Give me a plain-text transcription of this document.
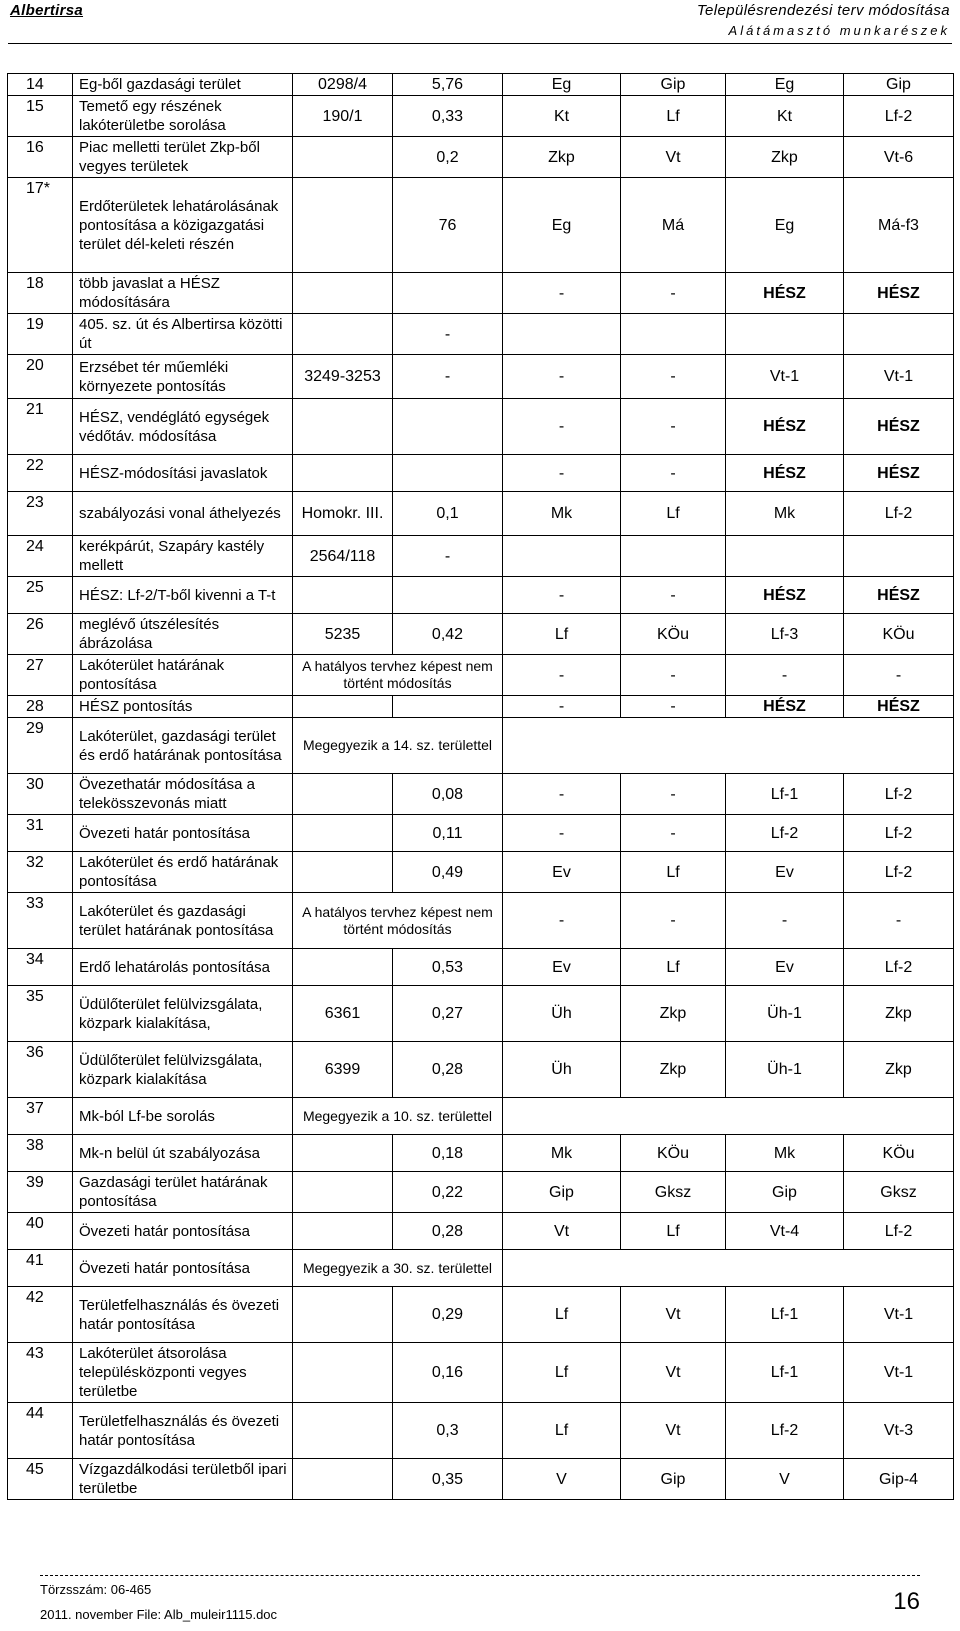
Albertirsa	Településrendezési terv módosítása
Alátámasztó munkarészek
14	Eg-ből gazdasági terület	0298/4	5,76	Eg	Gip	Eg	Gip
15	Temető egy részének lakóterületbe sorolása	190/1	0,33	Kt	Lf	Kt	Lf-2
16	Piac melletti terület Zkp-ből vegyes területek		0,2	Zkp	Vt	Zkp	Vt-6
17*	Erdőterületek lehatárolásának pontosítása a közigazgatási terület dél-keleti részén		76	Eg	Má	Eg	Má-f3
18	több javaslat a HÉSZ módosítására			-	-	HÉSZ	HÉSZ
19	405. sz. út és Albertirsa közötti út		-				
20	Erzsébet tér műemléki környezete pontosítás	3249-3253	-	-	-	Vt-1	Vt-1
21	HÉSZ, vendéglátó egységek védőtáv. módosítása			-	-	HÉSZ	HÉSZ
22	HÉSZ-módosítási javaslatok			-	-	HÉSZ	HÉSZ
23	szabályozási vonal áthelyezés	Homokr. III.	0,1	Mk	Lf	Mk	Lf-2
24	kerékpárút, Szapáry kastély mellett	2564/118	-				
25	HÉSZ: Lf-2/T-ből kivenni a T-t			-	-	HÉSZ	HÉSZ
26	meglévő útszélesítés ábrázolása	5235	0,42	Lf	KÖu	Lf-3	KÖu
27	Lakóterület határának pontosítása	A hatályos tervhez képest nem történt módosítás		-	-	-	-
28	HÉSZ pontosítás			-	-	HÉSZ	HÉSZ
29	Lakóterület, gazdasági terület és erdő határának pontosítása	Megegyezik a 14. sz. területtel					
30	Övezethatár módosítása a telekösszevonás miatt		0,08	-	-	Lf-1	Lf-2
31	Övezeti határ pontosítása		0,11	-	-	Lf-2	Lf-2
32	Lakóterület és erdő határának pontosítása		0,49	Ev	Lf	Ev	Lf-2
33	Lakóterület és gazdasági terület határának pontosítása	A hatályos tervhez képest nem történt módosítás		-	-	-	-
34	Erdő lehatárolás pontosítása		0,53	Ev	Lf	Ev	Lf-2
35	Üdülőterület felülvizsgálata, közpark kialakítása,	6361	0,27	Üh	Zkp	Üh-1	Zkp
36	Üdülőterület felülvizsgálata, közpark kialakítása	6399	0,28	Üh	Zkp	Üh-1	Zkp
37	Mk-ból Lf-be sorolás	Megegyezik a 10. sz. területtel					
38	Mk-n belül út szabályozása		0,18	Mk	KÖu	Mk	KÖu
39	Gazdasági terület határának pontosítása		0,22	Gip	Gksz	Gip	Gksz
40	Övezeti határ pontosítása		0,28	Vt	Lf	Vt-4	Lf-2
41	Övezeti határ pontosítása	Megegyezik a 30. sz. területtel					
42	Területfelhasználás és övezeti határ pontosítása		0,29	Lf	Vt	Lf-1	Vt-1
43	Lakóterület átsorolása településközponti vegyes területbe		0,16	Lf	Vt	Lf-1	Vt-1
44	Területfelhasználás és övezeti határ pontosítása		0,3	Lf	Vt	Lf-2	Vt-3
45	Vízgazdálkodási területből ipari területbe		0,35	V	Gip	V	Gip-4
Törzsszám: 06-465
2011. november File: Alb_muleir1115.doc	16
